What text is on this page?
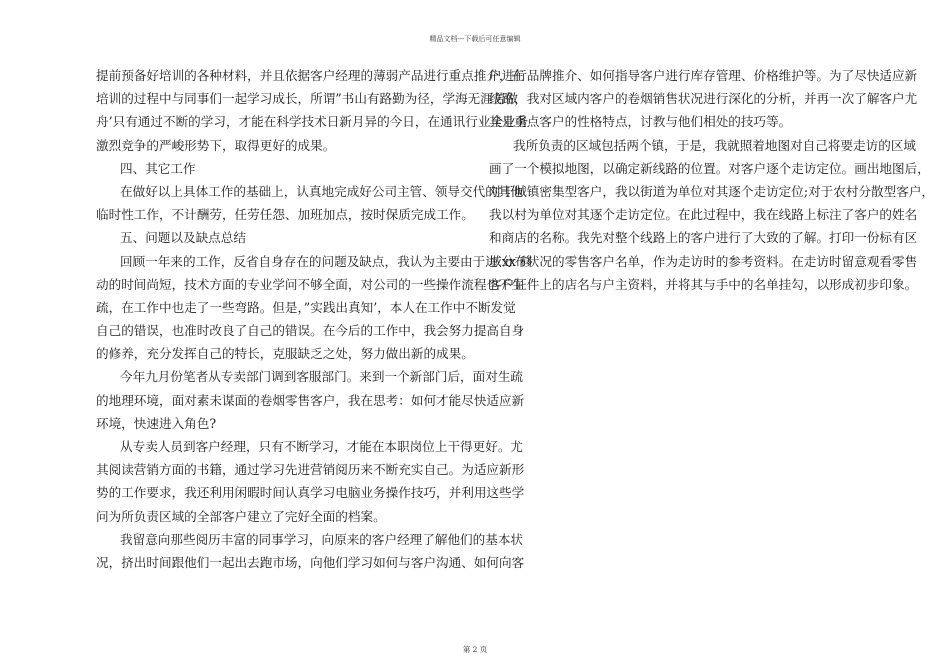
精品文档---下载后可任意编辑
提前预备好培训的各种材料，并且依据客户经理的薄弱产品进行重点推介，在
培训的过程中与同事们一起学习成长，所谓”书山有路勤为径，学海无涯苦做
舟’只有通过不断的学习，才能在科学技术日新月异的今日，在通讯行业全业务
激烈竞争的严峻形势下，取得更好的成果。
四、其它工作
在做好以上具体工作的基础上，认真地完成好公司主管、领导交代的其他
临时性工作，不计酬劳，任劳任怨、加班加点，按时保质完成工作。
五、问题以及缺点总结
回顾一年来的工作，反省自身存在的问题及缺点，我认为主要由于进 xx 移
动的时间尚短，技术方面的专业学问不够全面，对公司的一些操作流程也不生
疏，在工作中也走了一些弯路。但是，”实践出真知’，本人在工作中不断发觉
自己的错误，也准时改良了自己的错误。在今后的工作中，我会努力提高自身
的修养，充分发挥自己的特长，克服缺乏之处，努力做出新的成果。
今年九月份笔者从专卖部门调到客服部门。来到一个新部门后，面对生疏
的地理环境，面对素未谋面的卷烟零售客户，我在思考：如何才能尽快适应新
环境，快速进入角色?
从专卖人员到客户经理，只有不断学习，才能在本职岗位上干得更好。尤
其阅读营销方面的书籍，通过学习先进营销阅历来不断充实自己。为适应新形
势的工作要求，我还利用闲暇时间认真学习电脑业务操作技巧，并利用这些学
问为所负责区域的全部客户建立了完好全面的档案。
我留意向那些阅历丰富的同事学习，向原来的客户经理了解他们的基本状
况，挤出时间跟他们一起出去跑市场，向他们学习如何与客户沟通、如何向客
户进行品牌推介、如何指导客户进行库存管理、价格维护等。为了尽快适应新
线路，我对区域内客户的卷烟销售状况进行深化的分析，并再一次了解客户尤
其是重点客户的性格特点，讨教与他们相处的技巧等。
我所负责的区域包括两个镇，于是，我就照着地图对自己将要走访的区域
画了一个模拟地图，以确定新线路的位置。对客户逐个走访定位。画出地图后，
对于城镇密集型客户，我以街道为单位对其逐个走访定位;对于农村分散型客户，
我以村为单位对其逐个走访定位。在此过程中，我在线路上标注了客户的姓名
和商店的名称。我先对整个线路上的客户进行了大致的了解。打印一份标有区
域分布状况的零售客户名单，作为走访时的参考资料。在走访时留意观看零售
客户证件上的店名与户主资料，并将其与手中的名单挂勾，以形成初步印象。
第 2 页
